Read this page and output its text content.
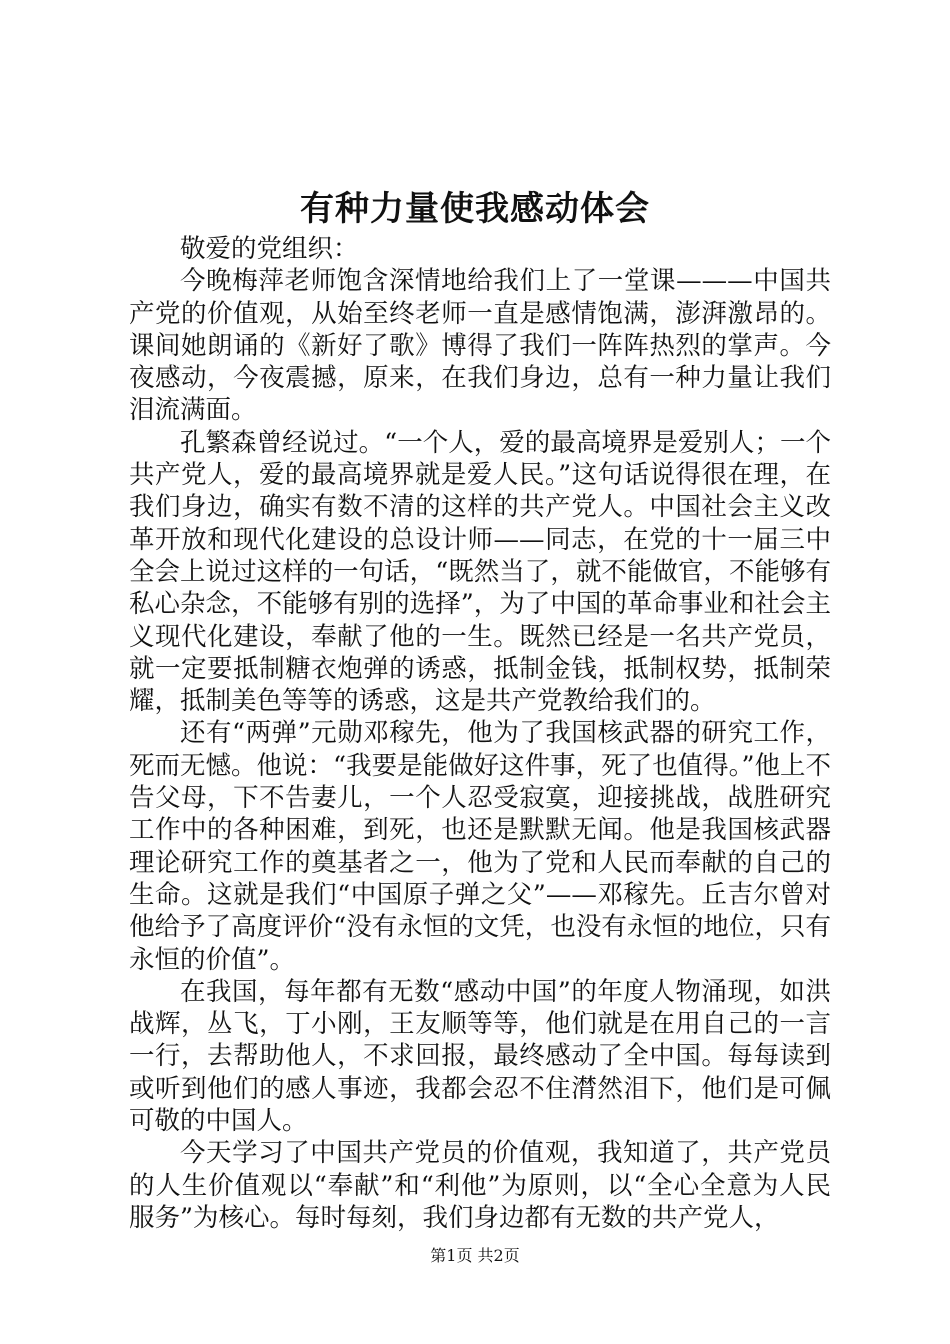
有种力量使我感动体会

敬爱的党组织：

今晚梅萍老师饱含深情地给我们上了一堂课———中国共产党的价值观，从始至终老师一直是感情饱满，澎湃激昂的。课间她朗诵的《新好了歌》博得了我们一阵阵热烈的掌声。今夜感动，今夜震撼，原来，在我们身边，总有一种力量让我们泪流满面。

孔繁森曾经说过。“一个人，爱的最高境界是爱别人；一个共产党人，爱的最高境界就是爱人民。”这句话说得很在理，在我们身边，确实有数不清的这样的共产党人。中国社会主义改革开放和现代化建设的总设计师——同志，在党的十一届三中全会上说过这样的一句话，“既然当了，就不能做官，不能够有私心杂念，不能够有别的选择”，为了中国的革命事业和社会主义现代化建设，奉献了他的一生。既然已经是一名共产党员，就一定要抵制糖衣炮弹的诱惑，抵制金钱，抵制权势，抵制荣耀，抵制美色等等的诱惑，这是共产党教给我们的。

还有“两弹”元勋邓稼先，他为了我国核武器的研究工作，死而无憾。他说：“我要是能做好这件事，死了也值得。”他上不告父母，下不告妻儿，一个人忍受寂寞，迎接挑战，战胜研究工作中的各种困难，到死，也还是默默无闻。他是我国核武器理论研究工作的奠基者之一，他为了党和人民而奉献的自己的生命。这就是我们“中国原子弹之父”——邓稼先。丘吉尔曾对他给予了高度评价“没有永恒的文凭，也没有永恒的地位，只有永恒的价值”。

在我国，每年都有无数“感动中国”的年度人物涌现，如洪战辉，丛飞，丁小刚，王友顺等等，他们就是在用自己的一言一行，去帮助他人，不求回报，最终感动了全中国。每每读到或听到他们的感人事迹，我都会忍不住潸然泪下，他们是可佩可敬的中国人。

今天学习了中国共产党员的价值观，我知道了，共产党员的人生价值观以“奉献”和“利他”为原则，以“全心全意为人民服务”为核心。每时每刻，我们身边都有无数的共产党人，

第1页 共2页
